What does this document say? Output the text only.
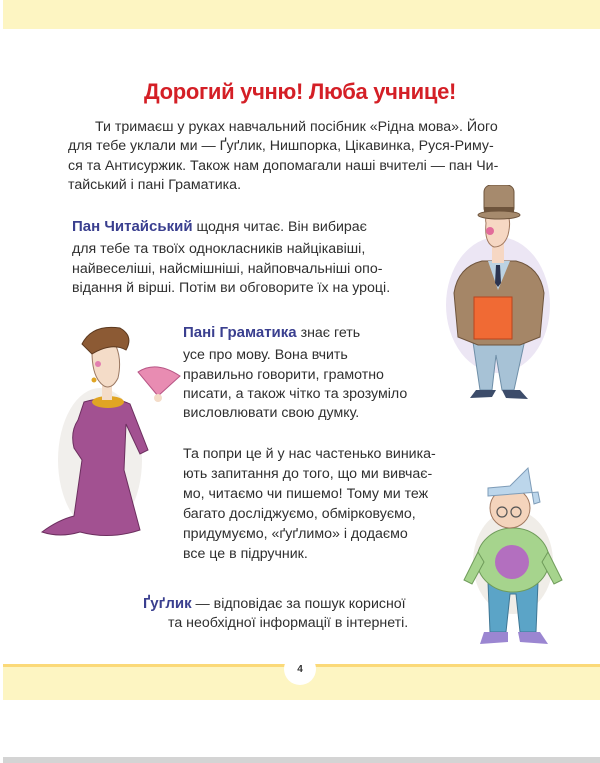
Дорогий учню! Люба учнице!

Ти тримаєш у руках навчальний посібник «Рідна мова». Його

для тебе уклали ми — Ґуґлик, Нишпорка, Цікавинка, Руся-Риму-

ся та Антисуржик. Також нам допомагали наші вчителі — пан Чи-

тайський і пані Граматика.

Пан Читайський щодня читає. Він вибирає

для тебе та твоїх однокласників найцікавіші,

найвеселіші, найсмішніші, найповчальніші опо-

відання й вірші. Потім ви обговорите їх на уроці.

Пані Граматика знає геть

усе про мову. Вона вчить

правильно говорити, грамотно

писати, а також чітко та зрозуміло

висловлювати свою думку.

Та попри це й у нас частенько виника-

ють запитання до того, що ми вивчає-

мо, читаємо чи пишемо! Тому ми теж

багато досліджуємо, обмірковуємо,

придумуємо, «ґуґлимо» і додаємо

все це в підручник.

Ґуґлик — відповідає за пошук корисної

та необхідної інформації в інтернеті.

4
